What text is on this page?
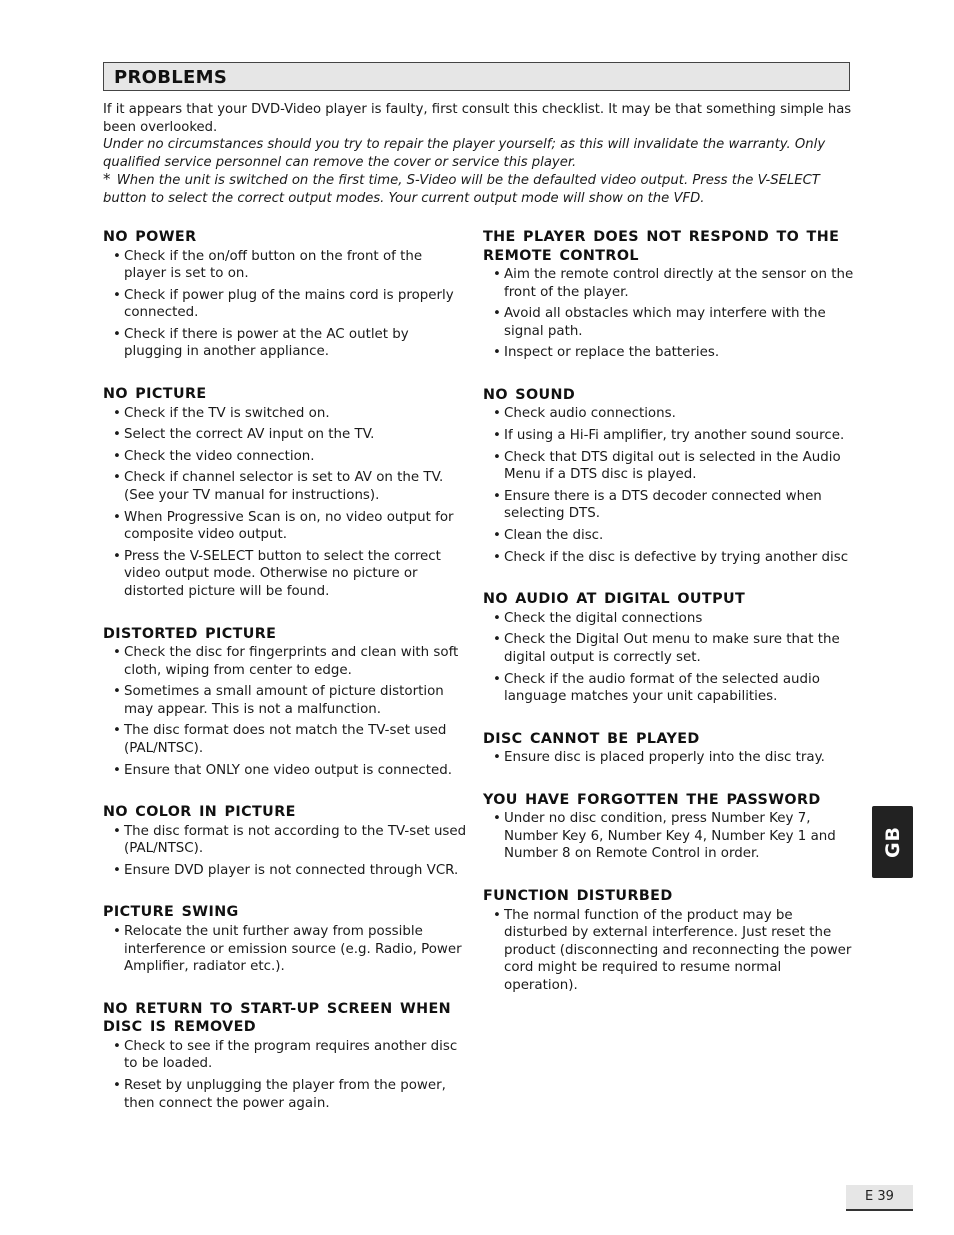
PROBLEMS

If it appears that your DVD-Video player is faulty, first consult this checklist. It may be that something simple has been overlooked.

Under no circumstances should you try to repair the player yourself; as this will invalidate the warranty. Only qualified service personnel can remove the cover or service this player.

* When the unit is switched on the first time, S-Video will be the defaulted video output. Press the V-SELECT button to select the correct output modes. Your current output mode will show on the VFD.

NO POWER
• Check if the on/off button on the front of the player is set to on.
• Check if power plug of the mains cord is properly connected.
• Check if there is power at the AC outlet by plugging in another appliance.
NO PICTURE
• Check if the TV is switched on.
• Select the correct AV input on the TV.
• Check the video connection.
• Check if channel selector is set to AV on the TV. (See your TV manual for instructions).
• When Progressive Scan is on, no video output for composite video output.
• Press the V-SELECT button to select the correct video output mode. Otherwise no picture or distorted picture will be found.
DISTORTED PICTURE
• Check the disc for fingerprints and clean with soft cloth, wiping from center to edge.
• Sometimes a small amount of picture distortion may appear. This is not a malfunction.
• The disc format does not match the TV-set used (PAL/NTSC).
• Ensure that ONLY one video output is connected.
NO COLOR IN PICTURE
• The disc format is not according to the TV-set used (PAL/NTSC).
• Ensure DVD player is not connected through VCR.
PICTURE SWING
• Relocate the unit further away from possible interference or emission source (e.g. Radio, Power Amplifier, radiator etc.).
NO RETURN TO START-UP SCREEN WHEN DISC IS REMOVED
• Check to see if the program requires another disc to be loaded.
• Reset by unplugging the player from the power, then connect the power again.
THE PLAYER DOES NOT RESPOND TO THE REMOTE CONTROL
• Aim the remote control directly at the sensor on the front of the player.
• Avoid all obstacles which may interfere with the signal path.
• Inspect or replace the batteries.
NO SOUND
• Check audio connections.
• If using a Hi-Fi amplifier, try another sound source.
• Check that DTS digital out is selected in the Audio Menu if a DTS disc is played.
• Ensure there is a DTS decoder connected when selecting DTS.
• Clean the disc.
• Check if the disc is defective by trying another disc
NO AUDIO AT DIGITAL OUTPUT
• Check the digital connections
• Check the Digital Out menu to make sure that the digital output is correctly set.
• Check if the audio format of the selected audio language matches your unit capabilities.
DISC CANNOT BE PLAYED
• Ensure disc is placed properly into the disc tray.
YOU HAVE FORGOTTEN THE PASSWORD
• Under no disc condition, press Number Key 7, Number Key 6, Number Key 4, Number Key 1 and Number 8 on Remote Control in order.
FUNCTION DISTURBED
• The normal function of the product may be disturbed by external interference. Just reset the product (disconnecting and reconnecting the power cord might be required to resume normal operation).
GB
E 39
